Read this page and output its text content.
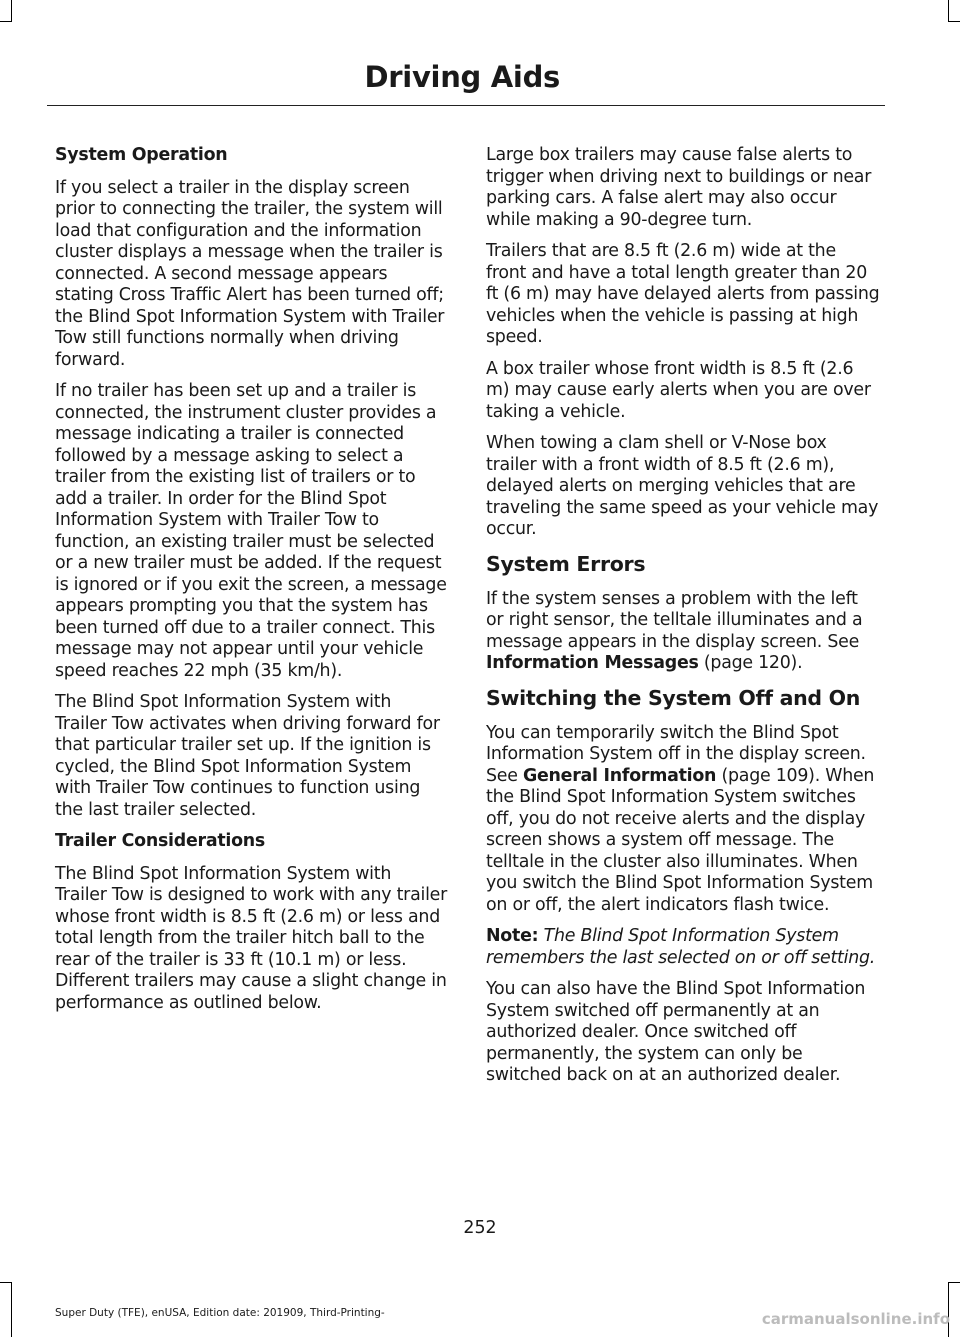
Driving Aids
System Operation

If you select a trailer in the display screen prior to connecting the trailer, the system will load that configuration and the information cluster displays a message when the trailer is connected. A second message appears stating Cross Traffic Alert has been turned off; the Blind Spot Information System with Trailer Tow still functions normally when driving forward.

If no trailer has been set up and a trailer is connected, the instrument cluster provides a message indicating a trailer is connected followed by a message asking to select a trailer from the existing list of trailers or to add a trailer. In order for the Blind Spot Information System with Trailer Tow to function, an existing trailer must be selected or a new trailer must be added. If the request is ignored or if you exit the screen, a message appears prompting you that the system has been turned off due to a trailer connect. This message may not appear until your vehicle speed reaches 22 mph (35 km/h).

The Blind Spot Information System with Trailer Tow activates when driving forward for that particular trailer set up. If the ignition is cycled, the Blind Spot Information System with Trailer Tow continues to function using the last trailer selected.

Trailer Considerations

The Blind Spot Information System with Trailer Tow is designed to work with any trailer whose front width is 8.5 ft (2.6 m) or less and total length from the trailer hitch ball to the rear of the trailer is 33 ft (10.1 m) or less. Different trailers may cause a slight change in performance as outlined below.

Large box trailers may cause false alerts to trigger when driving next to buildings or near parking cars. A false alert may also occur while making a 90-degree turn.

Trailers that are 8.5 ft (2.6 m) wide at the front and have a total length greater than 20 ft (6 m) may have delayed alerts from passing vehicles when the vehicle is passing at high speed.

A box trailer whose front width is 8.5 ft (2.6 m) may cause early alerts when you are over taking a vehicle.

When towing a clam shell or V-Nose box trailer with a front width of 8.5 ft (2.6 m), delayed alerts on merging vehicles that are traveling the same speed as your vehicle may occur.

System Errors

If the system senses a problem with the left or right sensor, the telltale illuminates and a message appears in the display screen. See Information Messages (page 120).

Switching the System Off and On

You can temporarily switch the Blind Spot Information System off in the display screen. See General Information (page 109). When the Blind Spot Information System switches off, you do not receive alerts and the display screen shows a system off message. The telltale in the cluster also illuminates. When you switch the Blind Spot Information System on or off, the alert indicators flash twice.

Note: The Blind Spot Information System remembers the last selected on or off setting.

You can also have the Blind Spot Information System switched off permanently at an authorized dealer. Once switched off permanently, the system can only be switched back on at an authorized dealer.

252
Super Duty (TFE), enUSA, Edition date: 201909, Third-Printing-	carmanualsonline.info
